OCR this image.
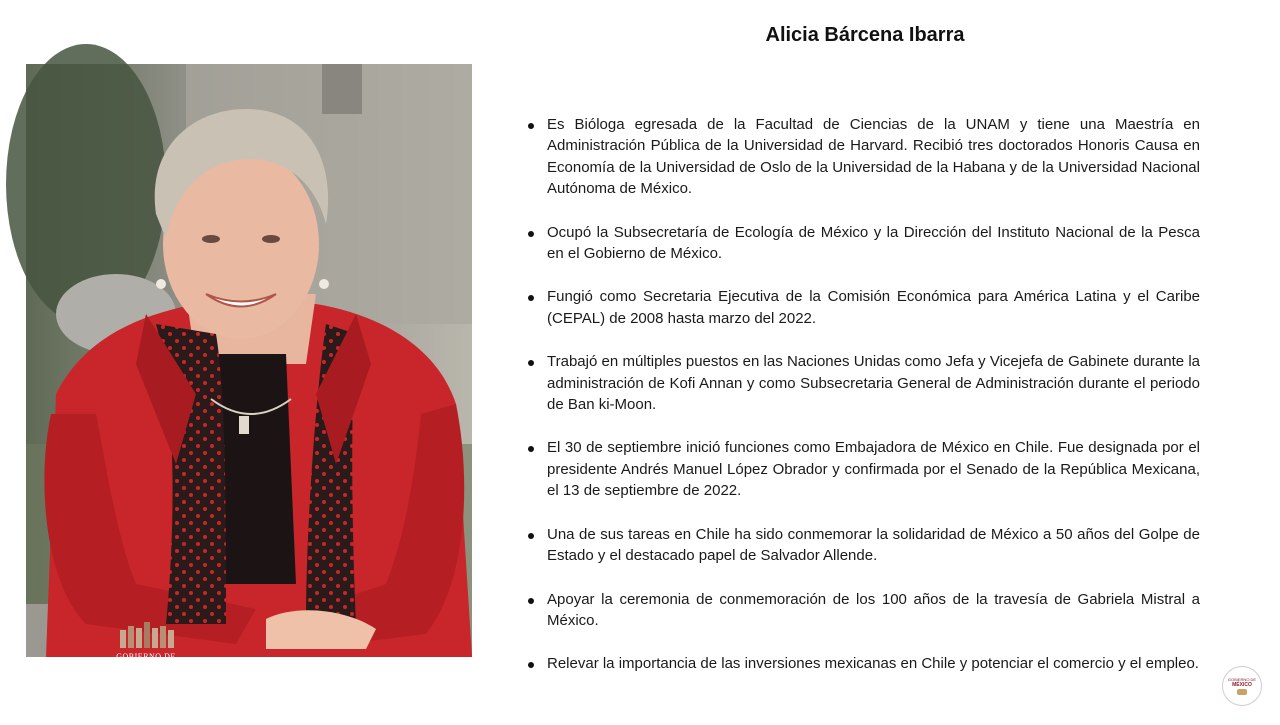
Alicia Bárcena Ibarra
GOBIERNO DE
MÉXICO
Es Bióloga egresada de la Facultad de Ciencias de la UNAM y tiene una Maestría en Administración Pública de la Universidad de Harvard. Recibió tres doctorados Honoris Causa en Economía de la Universidad de Oslo de la Universidad de la Habana y de la Universidad Nacional Autónoma de México.
Ocupó la Subsecretaría de Ecología de México y la Dirección del Instituto Nacional de la Pesca en el Gobierno de México.
Fungió como Secretaria Ejecutiva de la Comisión Económica para América Latina y el Caribe (CEPAL) de 2008 hasta marzo del 2022.
Trabajó en múltiples puestos en las Naciones Unidas como Jefa y Vicejefa de Gabinete durante la administración de Kofi Annan y como Subsecretaria General de Administración durante el periodo de Ban ki-Moon.
El 30 de septiembre inició funciones como Embajadora de México en Chile. Fue designada por el presidente Andrés Manuel López Obrador y confirmada por el Senado de la República Mexicana, el 13 de septiembre de 2022.
Una de sus tareas en Chile ha sido conmemorar la solidaridad de México a 50 años del Golpe de Estado y el destacado papel de Salvador Allende.
Apoyar la ceremonia de conmemoración de los 100 años de la travesía de Gabriela Mistral a México.
Relevar la importancia de las inversiones mexicanas en Chile y potenciar el comercio y el empleo.
GOBIERNO DE
MÉXICO
